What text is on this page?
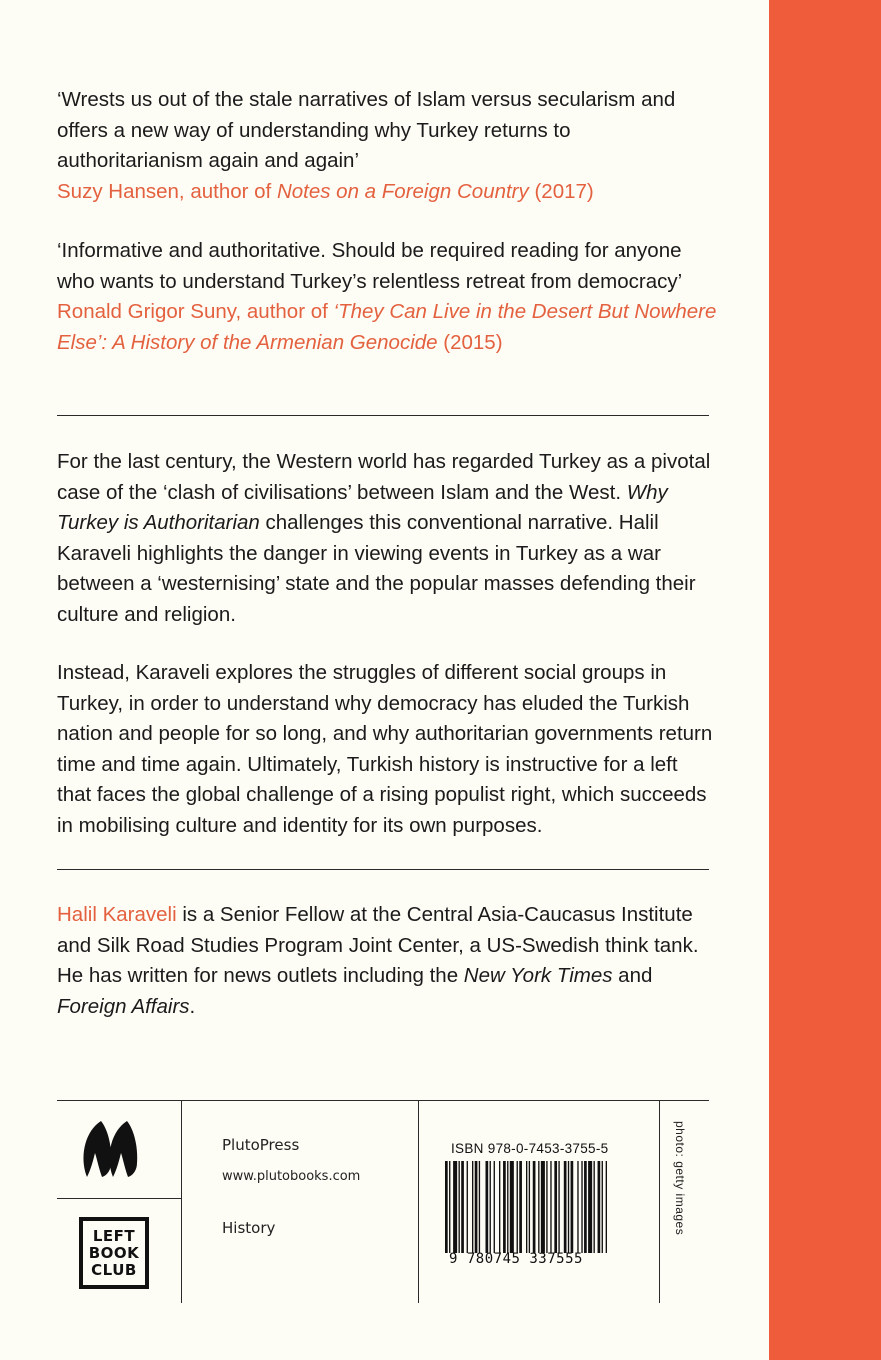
‘Wrests us out of the stale narratives of Islam versus secularism and offers a new way of understanding why Turkey returns to authoritarianism again and again’
Suzy Hansen, author of Notes on a Foreign Country (2017)
‘Informative and authoritative. Should be required reading for anyone who wants to understand Turkey’s relentless retreat from democracy’
Ronald Grigor Suny, author of ‘They Can Live in the Desert But Nowhere Else’: A History of the Armenian Genocide (2015)
For the last century, the Western world has regarded Turkey as a pivotal case of the ‘clash of civilisations’ between Islam and the West. Why Turkey is Authoritarian challenges this conventional narrative. Halil Karaveli highlights the danger in viewing events in Turkey as a war between a ‘westernising’ state and the popular masses defending their culture and religion.
Instead, Karaveli explores the struggles of different social groups in Turkey, in order to understand why democracy has eluded the Turkish nation and people for so long, and why authoritarian governments return time and time again. Ultimately, Turkish history is instructive for a left that faces the global challenge of a rising populist right, which succeeds in mobilising culture and identity for its own purposes.
Halil Karaveli is a Senior Fellow at the Central Asia-Caucasus Institute and Silk Road Studies Program Joint Center, a US-Swedish think tank. He has written for news outlets including the New York Times and Foreign Affairs.
LEFT
BOOK
CLUB
PlutoPress
www.plutobooks.com
History
ISBN 978-0-7453-3755-5
9 780745 337555
photo: getty images
